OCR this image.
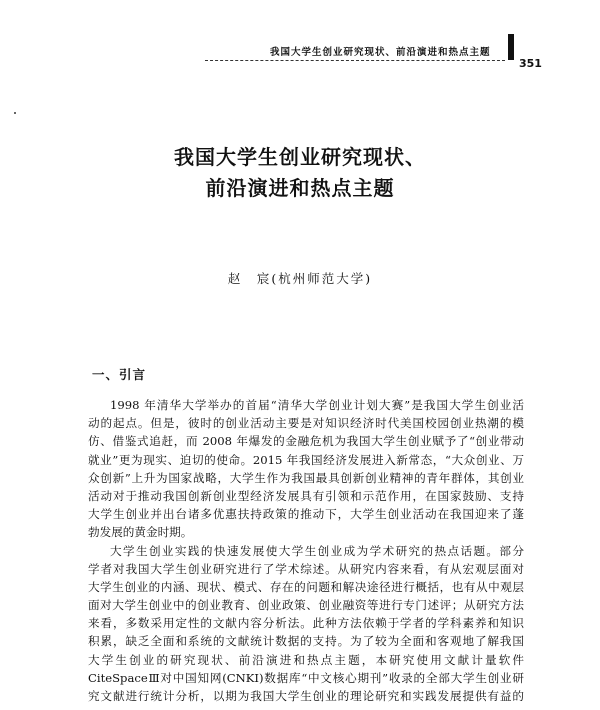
我国大学生创业研究现状、前沿演进和热点主题
351
我国大学生创业研究现状、
前沿演进和热点主题
赵　宸(杭州师范大学)
一、引言
1998 年清华大学举办的首届“清华大学创业计划大赛”是我国大学生创业活
动的起点。但是，彼时的创业活动主要是对知识经济时代美国校园创业热潮的模
仿、借鉴式追赶，而 2008 年爆发的金融危机为我国大学生创业赋予了“创业带动
就业”更为现实、迫切的使命。2015 年我国经济发展进入新常态，“大众创业、万
众创新”上升为国家战略，大学生作为我国最具创新创业精神的青年群体，其创业
活动对于推动我国创新创业型经济发展具有引领和示范作用，在国家鼓励、支持
大学生创业并出台诸多优惠扶持政策的推动下，大学生创业活动在我国迎来了蓬
勃发展的黄金时期。
大学生创业实践的快速发展使大学生创业成为学术研究的热点话题。部分
学者对我国大学生创业研究进行了学术综述。从研究内容来看，有从宏观层面对
大学生创业的内涵、现状、模式、存在的问题和解决途径进行概括，也有从中观层
面对大学生创业中的创业教育、创业政策、创业融资等进行专门述评；从研究方法
来看，多数采用定性的文献内容分析法。此种方法依赖于学者的学科素养和知识
积累，缺乏全面和系统的文献统计数据的支持。为了较为全面和客观地了解我国
大学生创业的研究现状、前沿演进和热点主题，本研究使用文献计量软件
CiteSpaceⅢ对中国知网(CNKI)数据库“中文核心期刊”收录的全部大学生创业研
究文献进行统计分析，以期为我国大学生创业的理论研究和实践发展提供有益的
